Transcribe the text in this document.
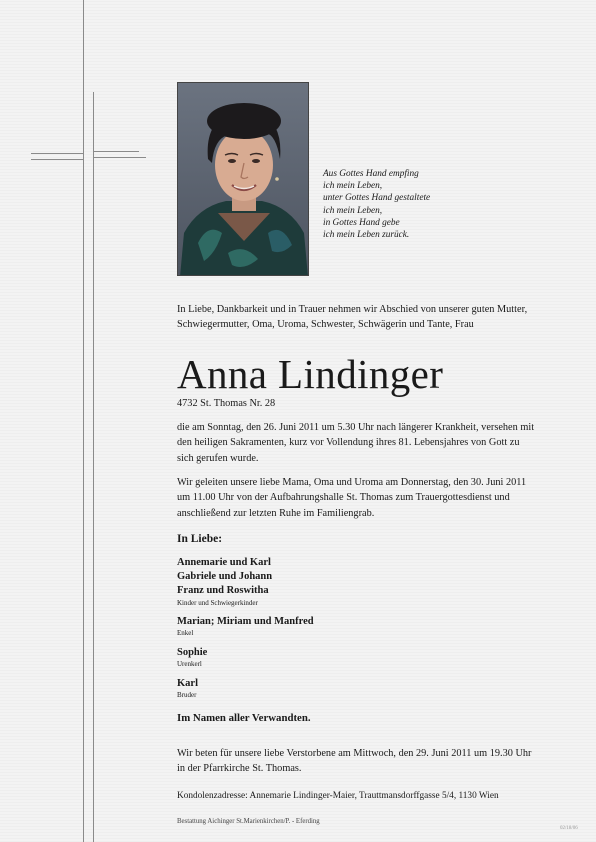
Aus Gottes Hand empfing
ich mein Leben,
unter Gottes Hand gestaltete
ich mein Leben,
in Gottes Hand gebe
ich mein Leben zurück.
In Liebe, Dankbarkeit und in Trauer nehmen wir Abschied von unserer guten Mutter, Schwiegermutter, Oma, Uroma, Schwester, Schwägerin und Tante, Frau
Anna Lindinger
4732 St. Thomas Nr. 28
die am Sonntag, den 26. Juni 2011 um 5.30 Uhr nach längerer Krankheit, versehen mit den heiligen Sakramenten, kurz vor Vollendung ihres 81. Lebensjahres von Gott zu sich gerufen wurde.
Wir geleiten unsere liebe Mama, Oma und Uroma am Donnerstag, den 30. Juni 2011 um 11.00 Uhr von der Aufbahrungshalle St. Thomas zum Trauergottesdienst und anschließend zur letzten Ruhe im Familiengrab.
In Liebe:
Annemarie und Karl
Gabriele und Johann
Franz und Roswitha
Kinder und Schwiegerkinder
Marian; Miriam und Manfred
Enkel
Sophie
Urenkerl
Karl
Bruder
Im Namen aller Verwandten.
Wir beten für unsere liebe Verstorbene am Mittwoch, den 29. Juni 2011 um 19.30 Uhr in der Pfarrkirche St. Thomas.
Kondolenzadresse: Annemarie Lindinger-Maier, Trauttmansdorffgasse 5/4, 1130 Wien
Bestattung Aichinger St.Marienkirchen/P. - Eferding
02/18/06
